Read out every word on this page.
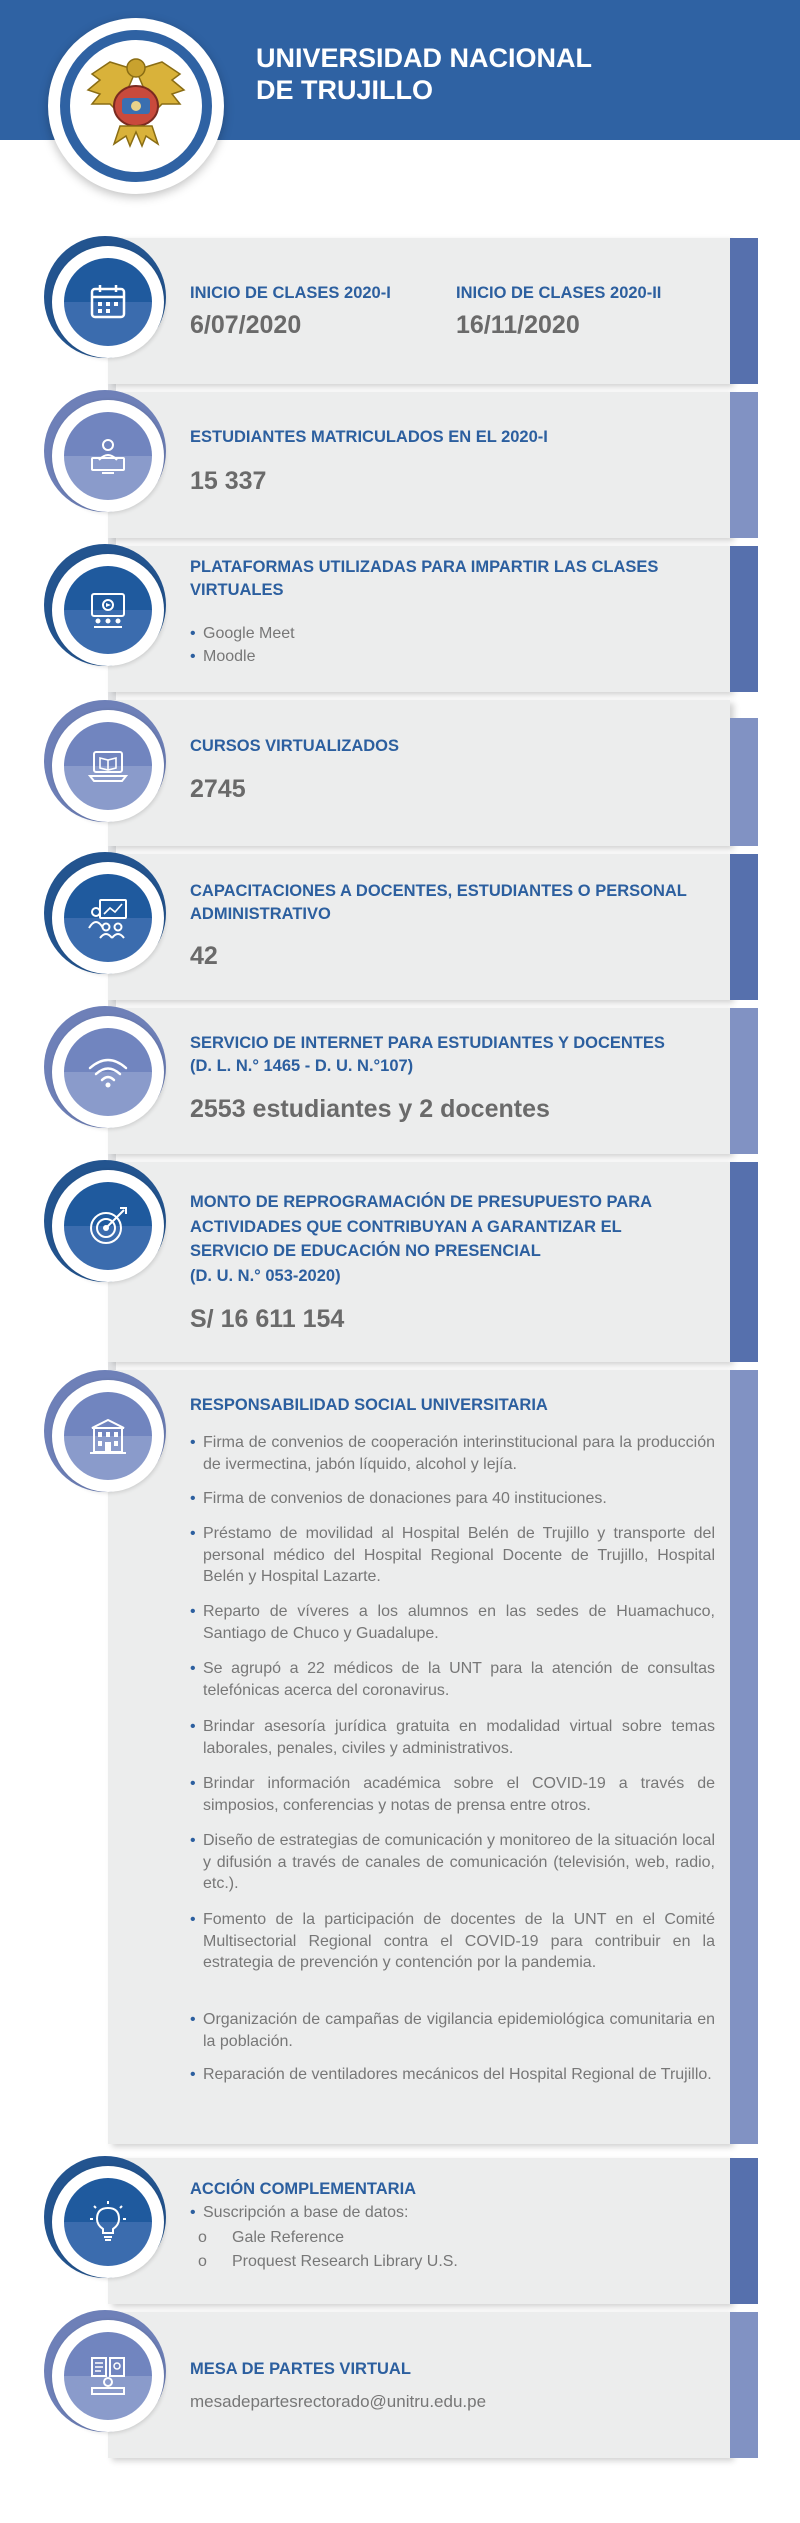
UNIVERSIDAD NACIONAL
DE TRUJILLO
INICIO DE CLASES 2020-I
6/07/2020
INICIO DE CLASES 2020-II
16/11/2020
ESTUDIANTES MATRICULADOS EN EL 2020-I
15 337
PLATAFORMAS UTILIZADAS PARA IMPARTIR LAS CLASES
VIRTUALES
• Google Meet
• Moodle
CURSOS VIRTUALIZADOS
2745
CAPACITACIONES A DOCENTES, ESTUDIANTES O PERSONAL
ADMINISTRATIVO
42
SERVICIO DE INTERNET PARA ESTUDIANTES Y DOCENTES
(D. L. N.° 1465 - D. U. N.°107)
2553 estudiantes y 2 docentes
MONTO DE REPROGRAMACIÓN DE PRESUPUESTO PARA
ACTIVIDADES QUE CONTRIBUYAN A GARANTIZAR EL
SERVICIO DE EDUCACIÓN NO PRESENCIAL
(D. U. N.° 053-2020)
S/ 16 611 154
RESPONSABILIDAD SOCIAL UNIVERSITARIA
• Firma de convenios de cooperación interinstitucional para la producción de ivermectina, jabón líquido, alcohol y lejía.
• Firma de convenios de donaciones para 40 instituciones.
• Préstamo de movilidad al Hospital Belén de Trujillo y transporte del personal médico del Hospital Regional Docente de Trujillo, Hospital Belén y Hospital Lazarte.
• Reparto de víveres a los alumnos en las sedes de Huamachuco, Santiago de Chuco y Guadalupe.
• Se agrupó a 22 médicos de la UNT para la atención de consultas telefónicas acerca del coronavirus.
• Brindar asesoría jurídica gratuita en modalidad virtual sobre temas laborales, penales, civiles y administrativos.
• Brindar información académica sobre el COVID-19 a través de simposios, conferencias y notas de prensa entre otros.
• Diseño de estrategias de comunicación y monitoreo de la situación local y difusión a través de canales de comunicación (televisión, web, radio, etc.).
• Fomento de la participación de docentes de la UNT en el Comité Multisectorial Regional contra el COVID-19 para contribuir en la estrategia de prevención y contención por la pandemia.
• Organización de campañas de vigilancia epidemiológica comunitaria en la población.
• Reparación de ventiladores mecánicos del Hospital Regional de Trujillo.
ACCIÓN COMPLEMENTARIA
• Suscripción a base de datos:
o Gale Reference
o Proquest Research Library U.S.
MESA DE PARTES VIRTUAL
mesadepartesrectorado@unitru.edu.pe
